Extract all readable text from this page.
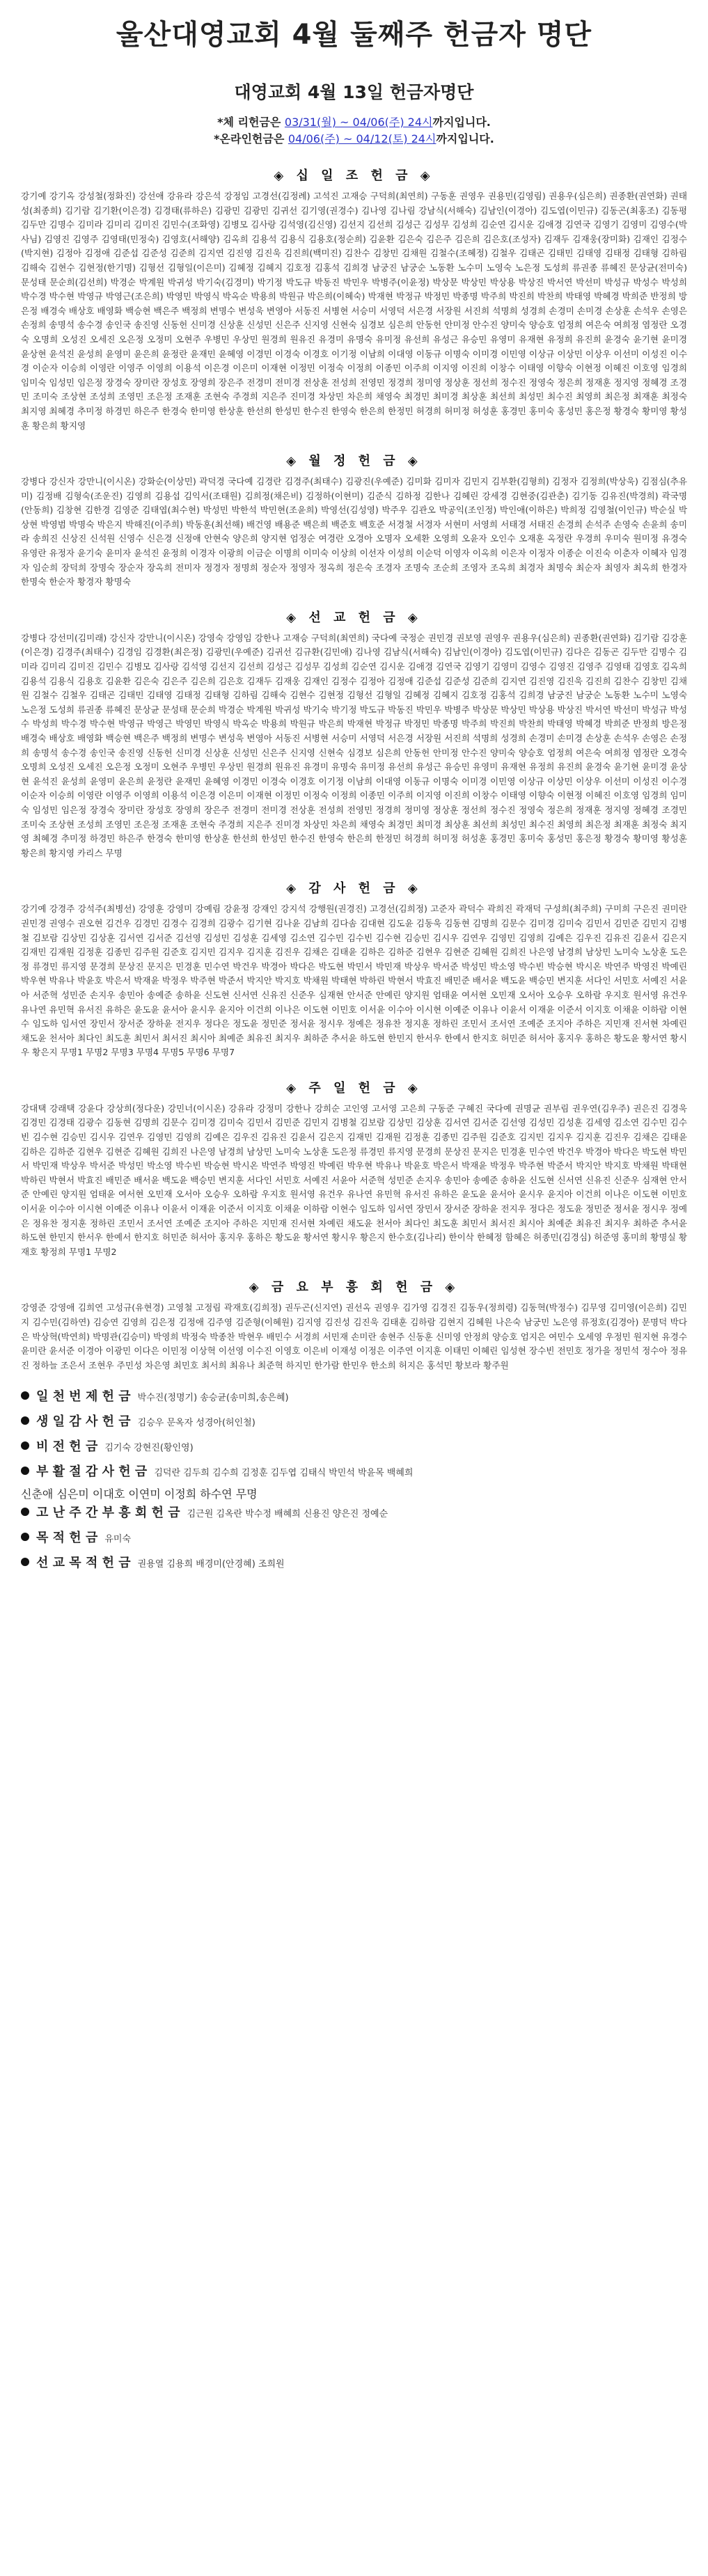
울산대영교회 4월 둘째주 헌금자 명단
대영교회 4월 13일 헌금자명단
*체 리헌금은 03/31(월) ~ 04/06(주) 24시까지입니다.
*온라인헌금은 04/06(주) ~ 04/12(토) 24시까지입니다.
◈ 십 일 조 헌 금 ◈
강기예 강기옥 강성철(정화진) 강선애 강유라 강은석 강정임 고경선(김정례) 고석진 고재승 구덕희(최연희) 구동훈 권영우 권용민(김영림) 권용우(심은희) 권종환(권연화) 권태성(최종희) 김기람 김기환(이은경) 김경태(류하은) 김광민 김광민 김귀선 김기영(권경수) 김나영 김나림 강남식(서해숙) 김남인(이경아) 김도엽(이민규) 김동곤(최홍조) 김동평 김두만 김명수 김미라 김미리 김미진 김민수(조화영) 김병모 김사랑 김석영(김신영) 김선지 김선희 김성근 김성무 김성희 김순연 김시운 김애경 김연국 김영기 김영미 김영수(박사님) 김영진 김영주 김영태(민정숙) 김영호(서해양) 김옥희 김용석 김용식 김용호(정순희) 김윤환 김은숙 김은주 김은희 김은호(조성자) 김재두 김재웅(장미화) 김재인 김정수(박지현) 김정아 김정애 김준섭 김준성 김준희 김지연 김진영 김진욱 김진희(백미진) 김찬수 김창민 김채원 김철수(조혜정) 김철우 김태곤 김태민 김태영 김태정 김태형 김하림 김해숙 김현수 김현정(한기명) 김형선 김형일(이은미) 김혜정 김혜지 김호정 김홍석 김희경 남궁진 남궁순 노동환 노수미 노영숙 노은정 도성희 류권종 류혜진 문상균(전미숙) 문성태 문순희(김선희) 박경순 박계원 박귀성 박기숙(김경미) 박기정 박도규 박동진 박민우 박병주(이윤정) 박상문 박상민 박상용 박상진 박서연 박선미 박성규 박성수 박성희 박수경 박수현 박영규 박영근(조은희) 박영민 박영식 박옥순 박용희 박원규 박은희(이혜숙) 박재현 박정규 박정민 박종명 박주희 박진희 박찬희 박태영 박혜경 박희준 반정희 방은정 배경숙 배상호 배영화 백승현 백은주 백정희 변명수 변성욱 변영아 서동진 서병현 서승미 서영덕 서은경 서장원 서진희 석명희 성경희 손경미 손미경 손상훈 손석우 손영은 손정희 송명석 송수경 송인국 송진영 신동헌 신미경 신상훈 신성민 신은주 신지영 신현숙 심경보 심은희 안동헌 안미정 안수진 양미숙 양승호 엄정희 여은숙 여희정 염정란 오경숙 오명희 오성진 오세진 오은정 오정미 오현주 우병민 우상민 원경희 원유진 유경미 유명숙 유미정 유선희 유성근 유승민 유영미 유재현 유정희 유진희 윤경숙 윤기현 윤미경 윤상현 윤석진 윤성희 윤영미 윤은희 윤정란 윤재민 윤혜영 이경민 이경숙 이경호 이기정 이남희 이대영 이동규 이명숙 이미경 이민영 이상규 이상민 이상우 이선미 이성진 이수경 이순자 이승희 이영란 이영주 이영희 이용석 이은경 이은미 이재현 이정민 이정숙 이정희 이종민 이주희 이지영 이진희 이창수 이태영 이향숙 이현정 이혜진 이호영 임경희 임미숙 임성민 임은정 장경숙 장미란 장성호 장영희 장은주 전경미 전미경 전상훈 전성희 전영민 정경희 정미영 정상훈 정선희 정수진 정영숙 정은희 정재훈 정지영 정혜경 조경민 조미숙 조상현 조성희 조영민 조은정 조재훈 조현숙 주경희 지은주 진미경 차상민 차은희 채영숙 최경민 최미경 최상훈 최선희 최성민 최수진 최영희 최은정 최재훈 최정숙 최지영 최혜경 추미정 하경민 하은주 한경숙 한미영 한상훈 한선희 한성민 한수진 한영숙 한은희 한정민 허경희 허미정 허성훈 홍경민 홍미숙 홍성민 홍은정 황경숙 황미영 황성훈 황은희 황지영
◈ 월 정 헌 금 ◈
강병다 강신자 강만니(이시온) 강화순(이상민) 곽덕경 국다예 김경란 김경주(최태수) 김광진(우예준) 김미화 김미자 김민지 김부환(김형희) 김정자 김정희(박상욱) 김점심(추유미) 김정배 김형숙(조운진) 김영희 김용섭 김익서(조태원) 김희정(채은비) 김정하(이현미) 김준식 김하정 김한나 김혜린 강세경 김현중(김관춘) 김기동 김유진(박경희) 곽국명(안동희) 김창현 김한경 김영준 김태엽(최수현) 박성민 박한석 박민현(조윤희) 박영선(김성영) 박주우 김관오 박공익(조인정) 박인애(이하은) 박희정 김영철(이인규) 박순실 박상현 박영범 박명숙 박은지 박해진(이주희) 박동훈(최선해) 배건영 배용준 백은희 백준호 백호준 서경철 서경자 서현미 서영희 서태경 서태진 손경희 손석주 손영숙 손윤희 송미라 송희진 신상진 신석원 신영수 신은경 신정애 안현숙 양은희 양지현 엄정순 여경란 오경아 오명자 오세환 오영희 오윤자 오인수 오재훈 옥정란 우경희 우미숙 원미정 유경숙 유영란 유정자 윤기숙 윤미자 윤석진 윤정희 이경자 이광희 이금순 이명희 이미숙 이상희 이선자 이성희 이순덕 이영자 이옥희 이은자 이정자 이종순 이진숙 이춘자 이혜자 임경자 임순희 장덕희 장명숙 장순자 장옥희 전미자 정경자 정명희 정순자 정영자 정옥희 정은숙 조경자 조명숙 조순희 조영자 조옥희 최경자 최명숙 최순자 최영자 최옥희 한경자 한명숙 한순자 황경자 황명숙
◈ 선 교 헌 금 ◈
강병다 강선미(김미래) 강신자 강만니(이시온) 강영숙 강영임 강한나 고재승 구덕희(최연희) 국다예 국정순 권민경 권보영 권영우 권용우(심은희) 권종환(권연화) 김기람 김강훈(이은경) 김경주(최태수) 김경임 김경환(최은정) 김광민(우예준) 김귀선 김규환(김민애) 김나영 김남식(서해숙) 김남인(이경아) 김도엽(이민규) 김다은 김동곤 김두만 김명수 김미라 김미리 김미진 김민수 김병모 김사랑 김석영 김선지 김선희 김성근 김성무 김성희 김순연 김시운 김애경 김연국 김영기 김영미 김영수 김영진 김영주 김영태 김영호 김옥희 김용석 김용식 김용호 김윤환 김은숙 김은주 김은희 김은호 김재두 김재웅 김재인 김정수 김정아 김정애 김준섭 김준성 김준희 김지연 김진영 김진욱 김진희 김찬수 김창민 김채원 김철수 김철우 김태곤 김태민 김태영 김태정 김태형 김하림 김해숙 김현수 김현정 김형선 김형일 김혜정 김혜지 김호정 김홍석 김희경 남궁진 남궁순 노동환 노수미 노영숙 노은정 도성희 류권종 류혜진 문상균 문성태 문순희 박경순 박계원 박귀성 박기숙 박기정 박도규 박동진 박민우 박병주 박상문 박상민 박상용 박상진 박서연 박선미 박성규 박성수 박성희 박수경 박수현 박영규 박영근 박영민 박영식 박옥순 박용희 박원규 박은희 박재현 박정규 박정민 박종명 박주희 박진희 박찬희 박태영 박혜경 박희준 반정희 방은정 배경숙 배상호 배영화 백승현 백은주 백정희 변명수 변성욱 변영아 서동진 서병현 서승미 서영덕 서은경 서장원 서진희 석명희 성경희 손경미 손미경 손상훈 손석우 손영은 손정희 송명석 송수경 송인국 송진영 신동헌 신미경 신상훈 신성민 신은주 신지영 신현숙 심경보 심은희 안동헌 안미정 안수진 양미숙 양승호 엄정희 여은숙 여희정 염정란 오경숙 오명희 오성진 오세진 오은정 오정미 오현주 우병민 우상민 원경희 원유진 유경미 유명숙 유미정 유선희 유성근 유승민 유영미 유재현 유정희 유진희 윤경숙 윤기현 윤미경 윤상현 윤석진 윤성희 윤영미 윤은희 윤정란 윤재민 윤혜영 이경민 이경숙 이경호 이기정 이남희 이대영 이동규 이명숙 이미경 이민영 이상규 이상민 이상우 이선미 이성진 이수경 이순자 이승희 이영란 이영주 이영희 이용석 이은경 이은미 이재현 이정민 이정숙 이정희 이종민 이주희 이지영 이진희 이창수 이태영 이향숙 이현정 이혜진 이호영 임경희 임미숙 임성민 임은정 장경숙 장미란 장성호 장영희 장은주 전경미 전미경 전상훈 전성희 전영민 정경희 정미영 정상훈 정선희 정수진 정영숙 정은희 정재훈 정지영 정혜경 조경민 조미숙 조상현 조성희 조영민 조은정 조재훈 조현숙 주경희 지은주 진미경 차상민 차은희 채영숙 최경민 최미경 최상훈 최선희 최성민 최수진 최영희 최은정 최재훈 최정숙 최지영 최혜경 추미정 하경민 하은주 한경숙 한미영 한상훈 한선희 한성민 한수진 한영숙 한은희 한정민 허경희 허미정 허성훈 홍경민 홍미숙 홍성민 홍은정 황경숙 황미영 황성훈 황은희 황지영 카리스 무명
◈ 감 사 헌 금 ◈
강기예 강경주 강석주(최병선) 강영훈 강영미 강예림 강윤정 강재인 강지석 강행원(권경진) 고경선(김희정) 고준자 곽덕수 곽희진 곽재덕 구성희(최주희) 구미희 구은진 권미란 권민경 권영수 권오현 김건우 김경민 김경수 김경희 김광수 김기현 김나윤 김남희 김다솜 김대현 김도윤 김동욱 김동현 김명희 김문수 김미경 김미숙 김민서 김민준 김민지 김병철 김보람 김상민 김상훈 김서연 김서준 김선영 김성민 김성훈 김세영 김소연 김수민 김수빈 김수현 김승민 김시우 김연우 김영민 김영희 김예은 김우진 김유진 김윤서 김은지 김재민 김재원 김정훈 김종민 김주원 김준호 김지민 김지우 김지훈 김진우 김채은 김태윤 김하은 김하준 김현우 김현준 김혜원 김희진 나은영 남경희 남상민 노미숙 노상훈 도은정 류경민 류지영 문경희 문상진 문지은 민경훈 민수연 박건우 박경아 박다은 박도현 박민서 박민재 박상우 박서준 박성민 박소영 박수빈 박승현 박시온 박연주 박영진 박예린 박우현 박유나 박윤호 박은서 박재윤 박정우 박주현 박준서 박지안 박지호 박채원 박태현 박하린 박현서 박효진 배민준 배서윤 백도윤 백승민 변지훈 서다인 서민호 서예진 서윤아 서준혁 성민준 손지우 송민아 송예준 송하윤 신도현 신서연 신유진 신준우 심재현 안서준 안예린 양지원 엄태윤 여서현 오민재 오서아 오승우 오하람 우지호 원서영 유건우 유나연 유민혁 유서진 유하은 윤도윤 윤서아 윤시우 윤지아 이건희 이나은 이도현 이민호 이서윤 이수아 이시현 이예준 이유나 이윤서 이재윤 이준서 이지호 이채윤 이하람 이현수 임도하 임서연 장민서 장서준 장하윤 전지우 정다은 정도윤 정민준 정서윤 정시우 정예은 정유찬 정지훈 정하린 조민서 조서연 조예준 조지아 주하은 지민재 진서현 차예린 채도윤 천서아 최다인 최도훈 최민서 최서진 최시아 최예준 최유진 최지우 최하준 추서윤 하도현 한민지 한서우 한예서 한지호 허민준 허서아 홍지우 홍하은 황도윤 황서연 황시우 황은지 무명1 무명2 무명3 무명4 무명5 무명6 무명7
◈ 주 일 헌 금 ◈
강대택 강래택 강윤다 강상희(정다운) 강민너(이시온) 강유라 강정미 강한나 강희순 고인영 고서영 고은희 구동준 구혜진 국다예 권명균 권부림 권우연(김우주) 권은진 김경욱 김경민 김경태 김광수 김동현 김명희 김문수 김미경 김미숙 김민서 김민준 김민지 김병철 김보람 김상민 김상훈 김서연 김서준 김선영 김성민 김성훈 김세영 김소연 김수민 김수빈 김수현 김승민 김시우 김연우 김영민 김영희 김예은 김우진 김유진 김윤서 김은지 김재민 김재원 김정훈 김종민 김주원 김준호 김지민 김지우 김지훈 김진우 김채은 김태윤 김하은 김하준 김현우 김현준 김혜원 김희진 나은영 남경희 남상민 노미숙 노상훈 도은정 류경민 류지영 문경희 문상진 문지은 민경훈 민수연 박건우 박경아 박다은 박도현 박민서 박민재 박상우 박서준 박성민 박소영 박수빈 박승현 박시온 박연주 박영진 박예린 박우현 박유나 박윤호 박은서 박재윤 박정우 박주현 박준서 박지안 박지호 박채원 박태현 박하린 박현서 박효진 배민준 배서윤 백도윤 백승민 변지훈 서다인 서민호 서예진 서윤아 서준혁 성민준 손지우 송민아 송예준 송하윤 신도현 신서연 신유진 신준우 심재현 안서준 안예린 양지원 엄태윤 여서현 오민재 오서아 오승우 오하람 우지호 원서영 유건우 유나연 유민혁 유서진 유하은 윤도윤 윤서아 윤시우 윤지아 이건희 이나은 이도현 이민호 이서윤 이수아 이시현 이예준 이유나 이윤서 이재윤 이준서 이지호 이채윤 이하람 이현수 임도하 임서연 장민서 장서준 장하윤 전지우 정다은 정도윤 정민준 정서윤 정시우 정예은 정유찬 정지훈 정하린 조민서 조서연 조예준 조지아 주하은 지민재 진서현 차예린 채도윤 천서아 최다인 최도훈 최민서 최서진 최시아 최예준 최유진 최지우 최하준 추서윤 하도현 한민지 한서우 한예서 한지호 허민준 허서아 홍지우 홍하은 황도윤 황서연 황시우 황은지 한수호(김나리) 한이삭 한혜정 함혜은 허종민(김경심) 허준영 홍미희 황명실 황재호 황정희 무명1 무명2
◈ 금 요 부 흥 회 헌 금 ◈
강영준 강영애 김희연 고성규(유현경) 고영철 고정림 곽재호(김희정) 권두곤(신지연) 권선옥 권영우 김가영 김경진 김동우(정희령) 김동혁(박정수) 김무영 김미영(이은희) 김민지 김수민(김하연) 김승연 김영희 김은정 김정애 김주영 김준형(이혜원) 김지영 김진성 김진욱 김태훈 김하람 김현지 김혜원 나은숙 남궁민 노은영 류정호(김경아) 문명덕 박다은 박상혁(박연희) 박명관(김승미) 박영희 박정숙 박종찬 박현우 배민수 서경희 서민재 손미란 송현주 신동훈 신미영 안정희 양승호 엄지은 여민수 오세영 우정민 원지현 유경수 윤미란 윤서준 이경아 이광민 이다은 이민정 이상혁 이선영 이수진 이영호 이은비 이재성 이정은 이주연 이지훈 이태민 이혜린 임성현 장수빈 전민호 정가을 정민석 정수아 정유진 정하늘 조은서 조현우 주민성 차은영 최민호 최서희 최유나 최준혁 하지민 한가람 한민우 한소희 허지은 홍석민 황보라 황주원
일 천 번 제 헌 금 박수진(정명기) 송승균(송미희,송은혜)
생 일 감 사 헌 금 김승우 문옥자 성경아(허인철)
비 전 헌 금 김기숙 강현진(황인영)
부 활 절 감 사 헌 금 김덕란 김두희 김수희 김정훈 김두엽 김태식 박민석 박윤목 백혜희
신춘애 심은미 이대호 이연미 이정희 하수연 무명
고 난 주 간 부 흥 회 헌 금 김근원 김옥란 박수정 배혜희 신용진 양은진 정예순
목 적 헌 금 유미숙
선 교 목 적 헌 금 권용열 김용희 배경미(안경혜) 조희원
